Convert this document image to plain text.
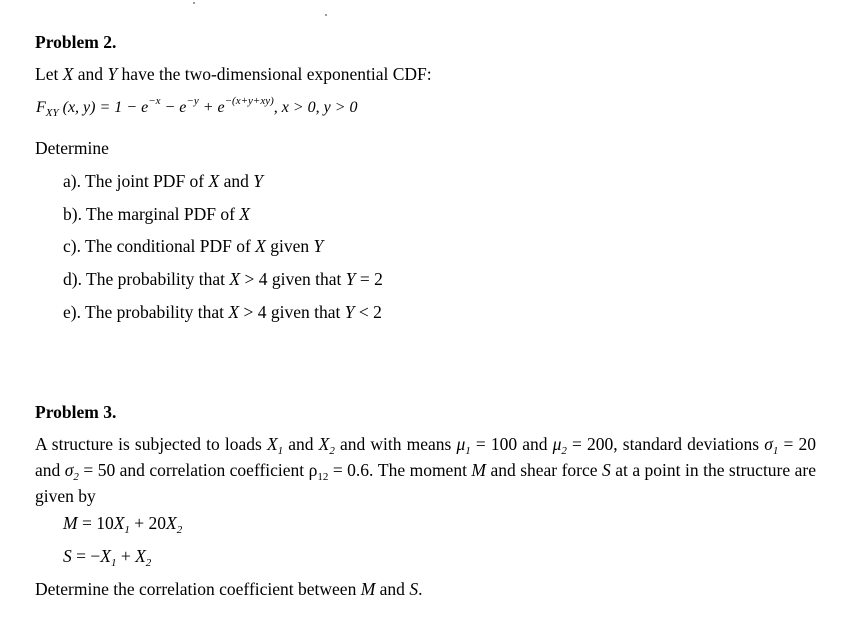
Problem 2.
Let X and Y have the two-dimensional exponential CDF:
$F_{XY}$ (x, $y) = 1 - e^{-x} - e^{-y} + e^{-(x+y+xy)}$, x > 0, y > 0
Determine
a). The joint PDF of X and Y
b). The marginal PDF of X
c). The conditional PDF of X given Y
d). The probability that X > 4 given that Y = 2
e). The probability that X > 4 given that Y < 2
Problem 3.
A structure is subjected to loads $X_1$ and $X_2$ and with means $\mu_1 = 100$ and $\mu_2 = 200$, standard deviations $\sigma_1 = 20$ and $\sigma_2 = 50$ and correlation coefficient $\rho_{12} = 0.6$. The moment M and shear force S at a point in the structure are given by
$M = 10X_1 + 20X_2$
$S = -X_1 + X_2$
Determine the correlation coefficient between M and S.
